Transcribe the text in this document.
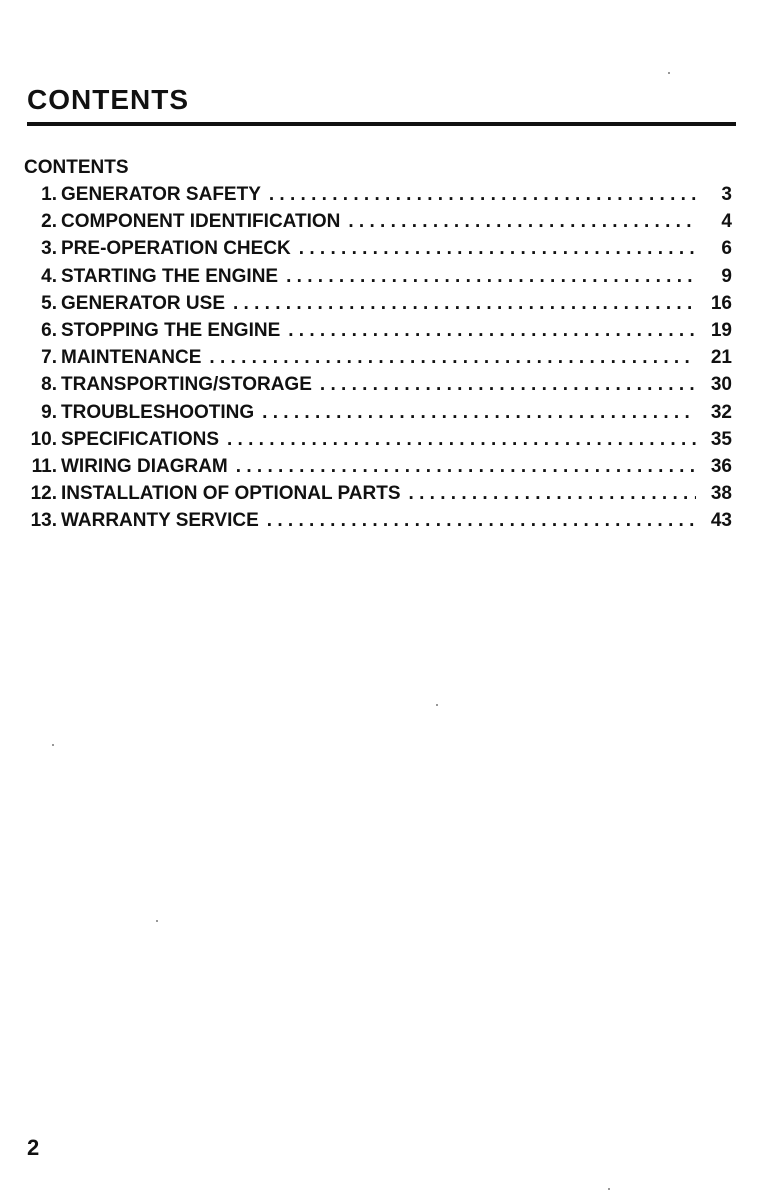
CONTENTS
CONTENTS
1. GENERATOR SAFETY . . .	3
2. COMPONENT IDENTIFICATION . . .	4
3. PRE-OPERATION CHECK . . .	6
4. STARTING THE ENGINE . . .	9
5. GENERATOR USE . . .	16
6. STOPPING THE ENGINE . . .	19
7. MAINTENANCE . . .	21
8. TRANSPORTING/STORAGE . . .	30
9. TROUBLESHOOTING . . .	32
10. SPECIFICATIONS . . .	35
11. WIRING DIAGRAM . . .	36
12. INSTALLATION OF OPTIONAL PARTS . . .	38
13. WARRANTY SERVICE . . .	43

2
